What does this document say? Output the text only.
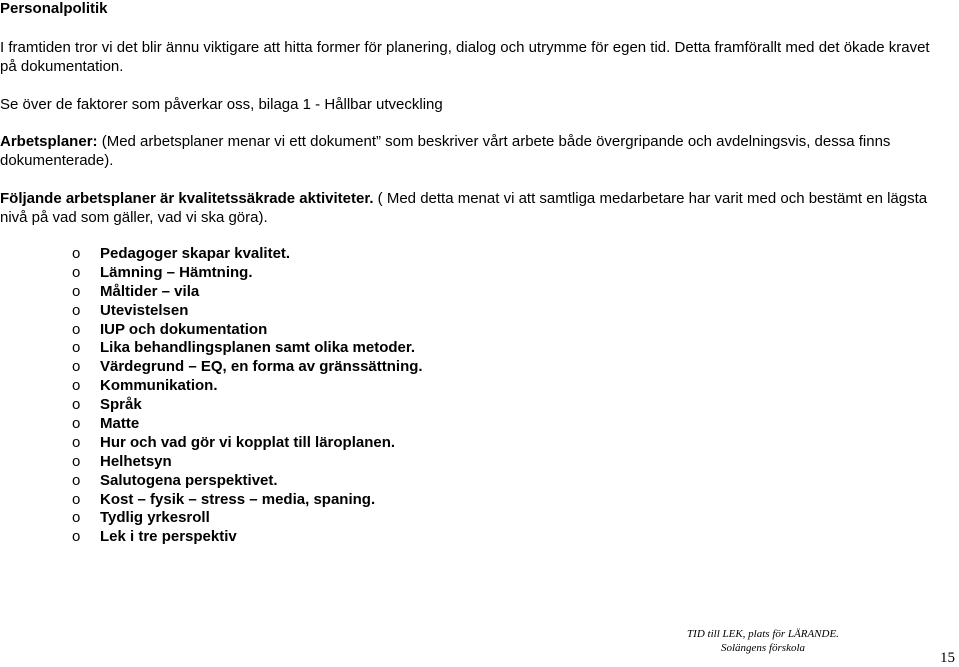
Personalpolitik
I framtiden tror vi det blir ännu viktigare att hitta former för planering, dialog och utrymme för egen tid. Detta framförallt med det ökade kravet på dokumentation.
Se över de faktorer som påverkar oss, bilaga 1 - Hållbar utveckling
Arbetsplaner: (Med arbetsplaner menar vi ett dokument” som beskriver vårt arbete både övergripande och avdelningsvis, dessa finns dokumenterade).
Följande arbetsplaner är kvalitetssäkrade aktiviteter. ( Med detta menat vi att samtliga medarbetare har varit med och bestämt en lägsta nivå på vad som gäller, vad vi ska göra).
o Pedagoger skapar kvalitet.
o Lämning – Hämtning.
o Måltider – vila
o Utevistelsen
o IUP och dokumentation
o Lika behandlingsplanen samt olika metoder.
o Värdegrund – EQ, en forma av gränssättning.
o Kommunikation.
o Språk
o Matte
o Hur och vad gör vi kopplat till läroplanen.
o Helhetsyn
o Salutogena perspektivet.
o Kost – fysik – stress – media, spaning.
o Tydlig yrkesroll
o Lek i tre perspektiv
TID till LEK, plats för LÄRANDE.
Solängens förskola
15
